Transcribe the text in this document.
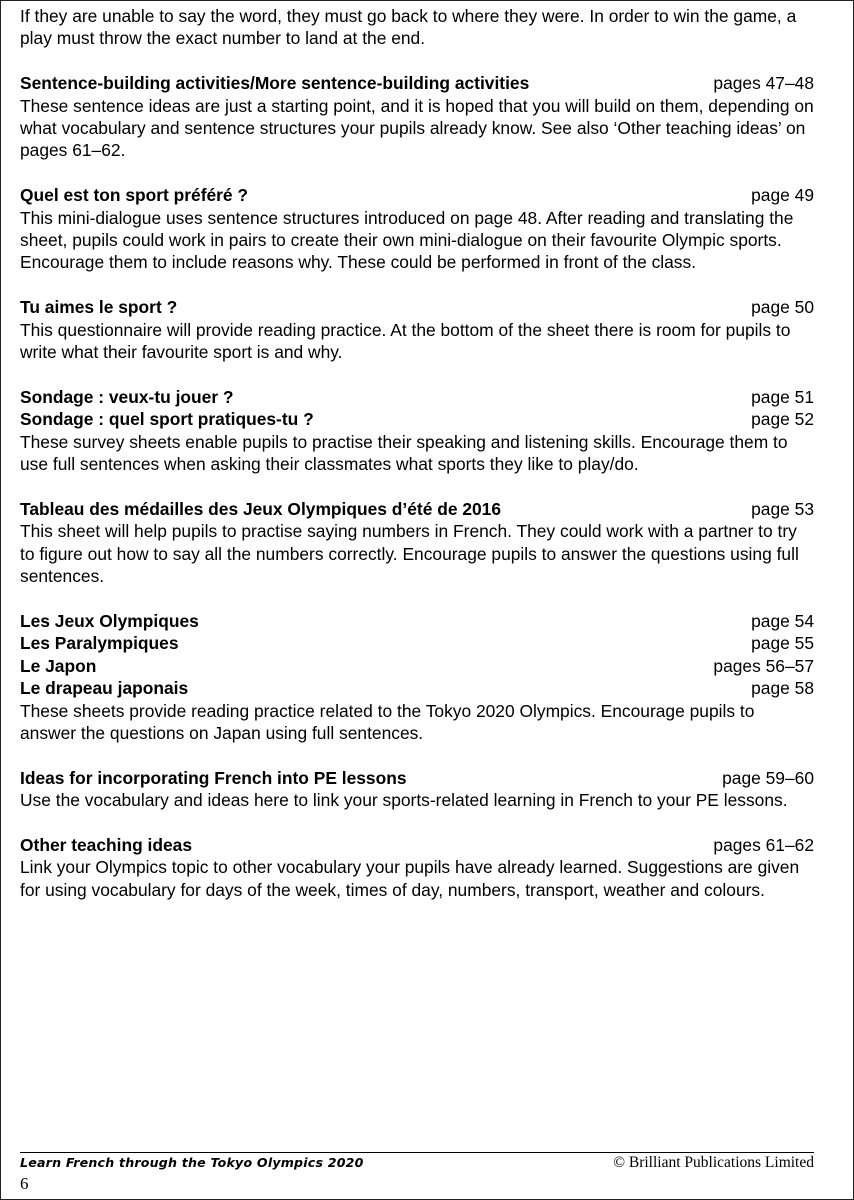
If they are unable to say the word, they must go back to where they were. In order to win the game, a play must throw the exact number to land at the end.

Sentence-building activities/More sentence-building activities	pages 47–48

These sentence ideas are just a starting point, and it is hoped that you will build on them, depending on what vocabulary and sentence structures your pupils already know. See also ‘Other teaching ideas’ on pages 61–62.

Quel est ton sport préféré ?	page 49

This mini-dialogue uses sentence structures introduced on page 48. After reading and translating the sheet, pupils could work in pairs to create their own mini-dialogue on their favourite Olympic sports. Encourage them to include reasons why. These could be performed in front of the class.

Tu aimes le sport ?	page 50

This questionnaire will provide reading practice. At the bottom of the sheet there is room for pupils to write what their favourite sport is and why.

Sondage : veux-tu jouer ?	page 51
Sondage : quel sport pratiques-tu ?	page 52

These survey sheets enable pupils to practise their speaking and listening skills. Encourage them to use full sentences when asking their classmates what sports they like to play/do.

Tableau des médailles des Jeux Olympiques d’été de 2016	page 53

This sheet will help pupils to practise saying numbers in French. They could work with a partner to try to figure out how to say all the numbers correctly. Encourage pupils to answer the questions using full sentences.

Les Jeux Olympiques	page 54
Les Paralympiques	page 55
Le Japon	pages 56–57
Le drapeau japonais	page 58

These sheets provide reading practice related to the Tokyo 2020 Olympics. Encourage pupils to answer the questions on Japan using full sentences.

Ideas for incorporating French into PE lessons	page 59–60

Use the vocabulary and ideas here to link your sports-related learning in French to your PE lessons.

Other teaching ideas	pages 61–62

Link your Olympics topic to other vocabulary your pupils have already learned. Suggestions are given for using vocabulary for days of the week, times of day, numbers, transport, weather and colours.

Learn French through the Tokyo Olympics 2020	© Brilliant Publications Limited
6
